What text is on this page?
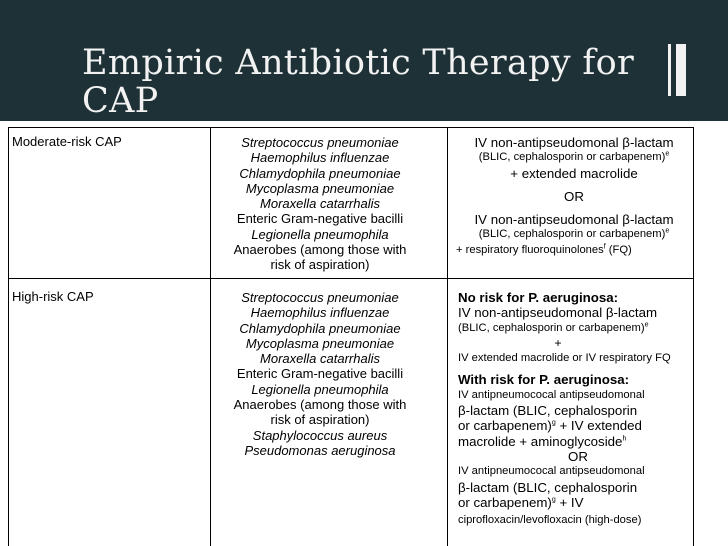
Empiric Antibiotic Therapy for CAP
Moderate-risk CAP	Streptococcus pneumoniae
Haemophilus influenzae
Chlamydophila pneumoniae
Mycoplasma pneumoniae
Moraxella catarrhalis
Enteric Gram-negative bacilli
Legionella pneumophila
Anaerobes (among those with
risk of aspiration)
IV non-antipseudomonal β-lactam
(BLIC, cephalosporin or carbapenem)$^e$
+ extended macrolide
OR
IV non-antipseudomonal β-lactam
(BLIC, cephalosporin or carbapenem)$^e$
+ respiratory fluoroquinolones$^f$ (FQ)
High-risk CAP	Streptococcus pneumoniae
Haemophilus influenzae
Chlamydophila pneumoniae
Mycoplasma pneumoniae
Moraxella catarrhalis
Enteric Gram-negative bacilli
Legionella pneumophila
Anaerobes (among those with
risk of aspiration)
Staphylococcus aureus
Pseudomonas aeruginosa
No risk for P. aeruginosa:
IV non-antipseudomonal β-lactam
(BLIC, cephalosporin or carbapenem)$^e$
+
IV extended macrolide or IV respiratory FQ
With risk for P. aeruginosa:
IV antipneumococal antipseudomonal
β-lactam (BLIC, cephalosporin
or carbapenem)$^g$ + IV extended
macrolide + aminoglycoside$^h$
OR
IV antipneumococal antipseudomonal
β-lactam (BLIC, cephalosporin
or carbapenem)$^g$ + IV
ciprofloxacin/levofloxacin (high-dose)
